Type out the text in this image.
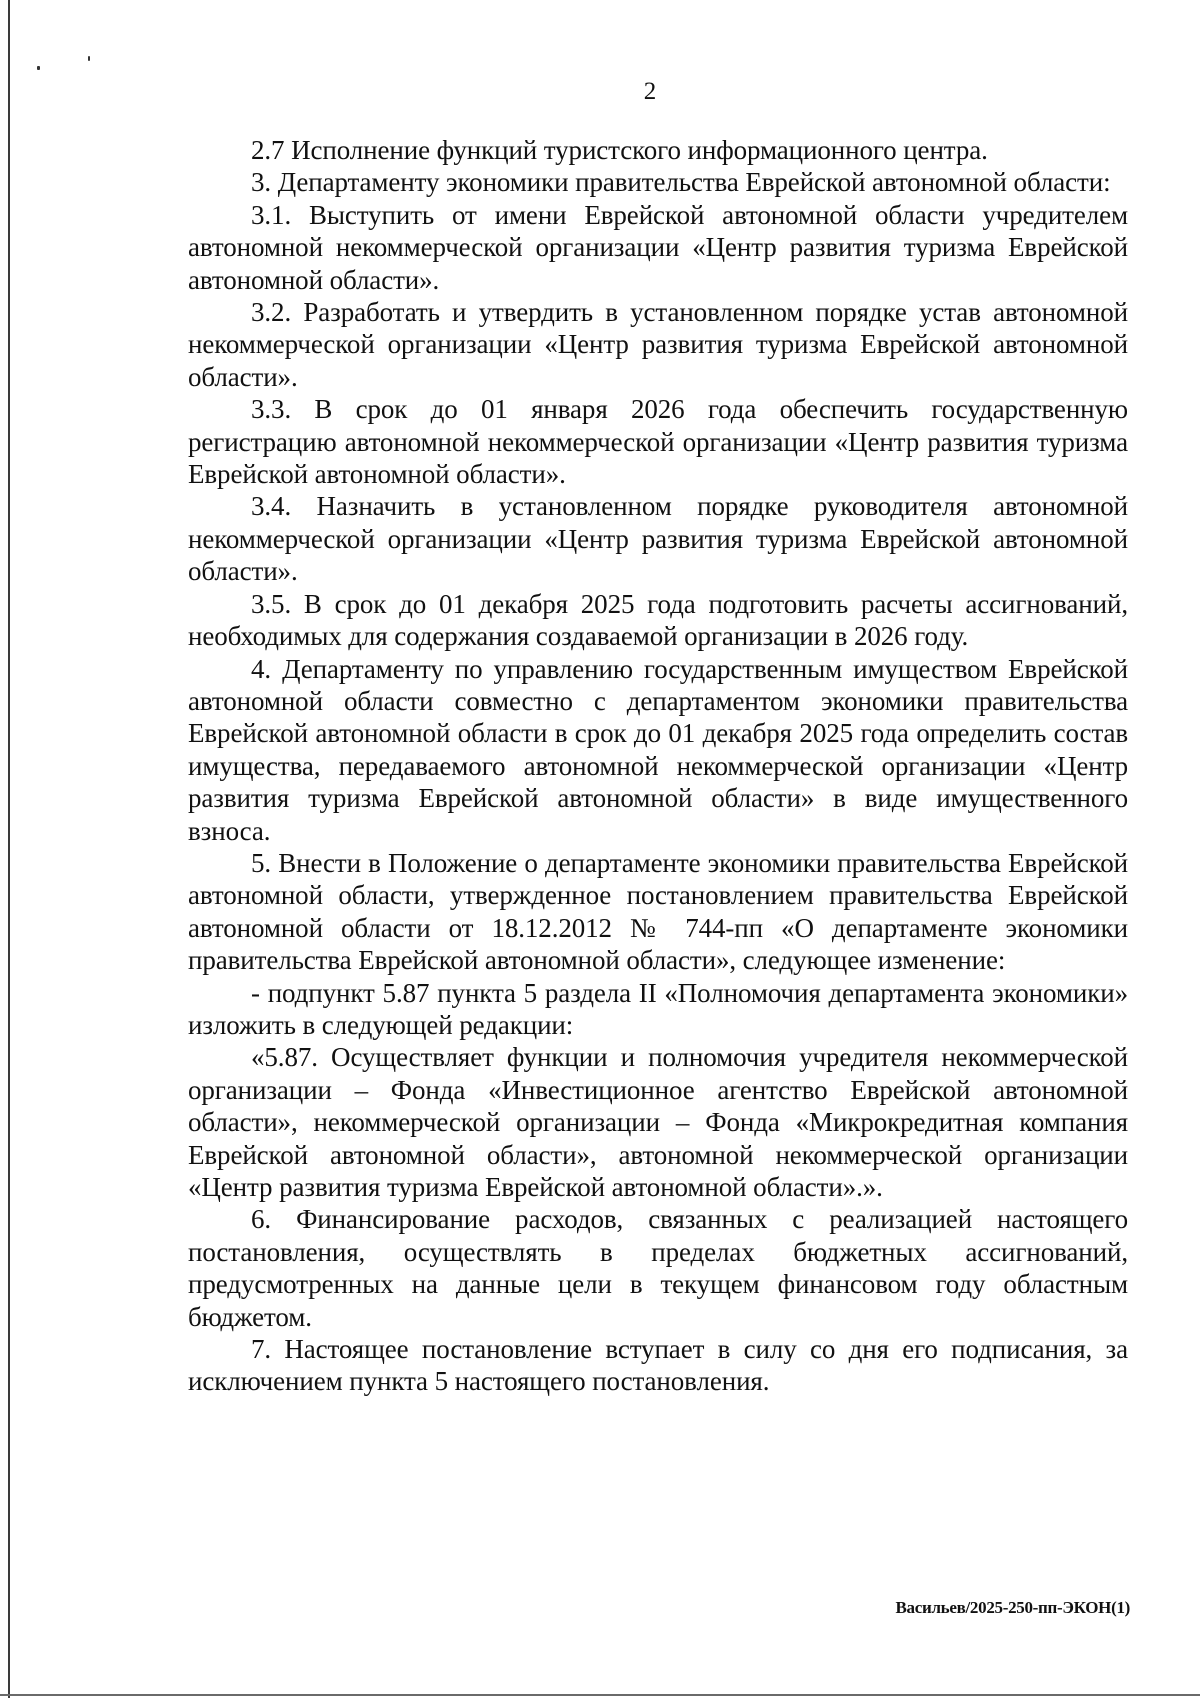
2

2.7 Исполнение функций туристского информационного центра.

3. Департаменту экономики правительства Еврейской автономной области:

3.1. Выступить от имени Еврейской автономной области учредителем автономной некоммерческой организации «Центр развития туризма Еврейской автономной области».

3.2. Разработать и утвердить в установленном порядке устав автономной некоммерческой организации «Центр развития туризма Еврейской автономной области».

3.3. В срок до 01 января 2026 года обеспечить государственную регистрацию автономной некоммерческой организации «Центр развития туризма Еврейской автономной области».

3.4. Назначить в установленном порядке руководителя автономной некоммерческой организации «Центр развития туризма Еврейской автономной области».

3.5. В срок до 01 декабря 2025 года подготовить расчеты ассигнований, необходимых для содержания создаваемой организации в 2026 году.

4. Департаменту по управлению государственным имуществом Еврейской автономной области совместно с департаментом экономики правительства Еврейской автономной области в срок до 01 декабря 2025 года определить состав имущества, передаваемого автономной некоммерческой организации «Центр развития туризма Еврейской автономной области» в виде имущественного взноса.

5. Внести в Положение о департаменте экономики правительства Еврейской автономной области, утвержденное постановлением правительства Еврейской автономной области от 18.12.2012 № 744-пп «О департаменте экономики правительства Еврейской автономной области», следующее изменение:

- подпункт 5.87 пункта 5 раздела II «Полномочия департамента экономики» изложить в следующей редакции:

«5.87. Осуществляет функции и полномочия учредителя некоммерческой организации – Фонда «Инвестиционное агентство Еврейской автономной области», некоммерческой организации – Фонда «Микрокредитная компания Еврейской автономной области», автономной некоммерческой организации «Центр развития туризма Еврейской автономной области».».

6. Финансирование расходов, связанных с реализацией настоящего постановления, осуществлять в пределах бюджетных ассигнований, предусмотренных на данные цели в текущем финансовом году областным бюджетом.

7. Настоящее постановление вступает в силу со дня его подписания, за исключением пункта 5 настоящего постановления.

Васильев/2025-250-пп-ЭКОН(1)
